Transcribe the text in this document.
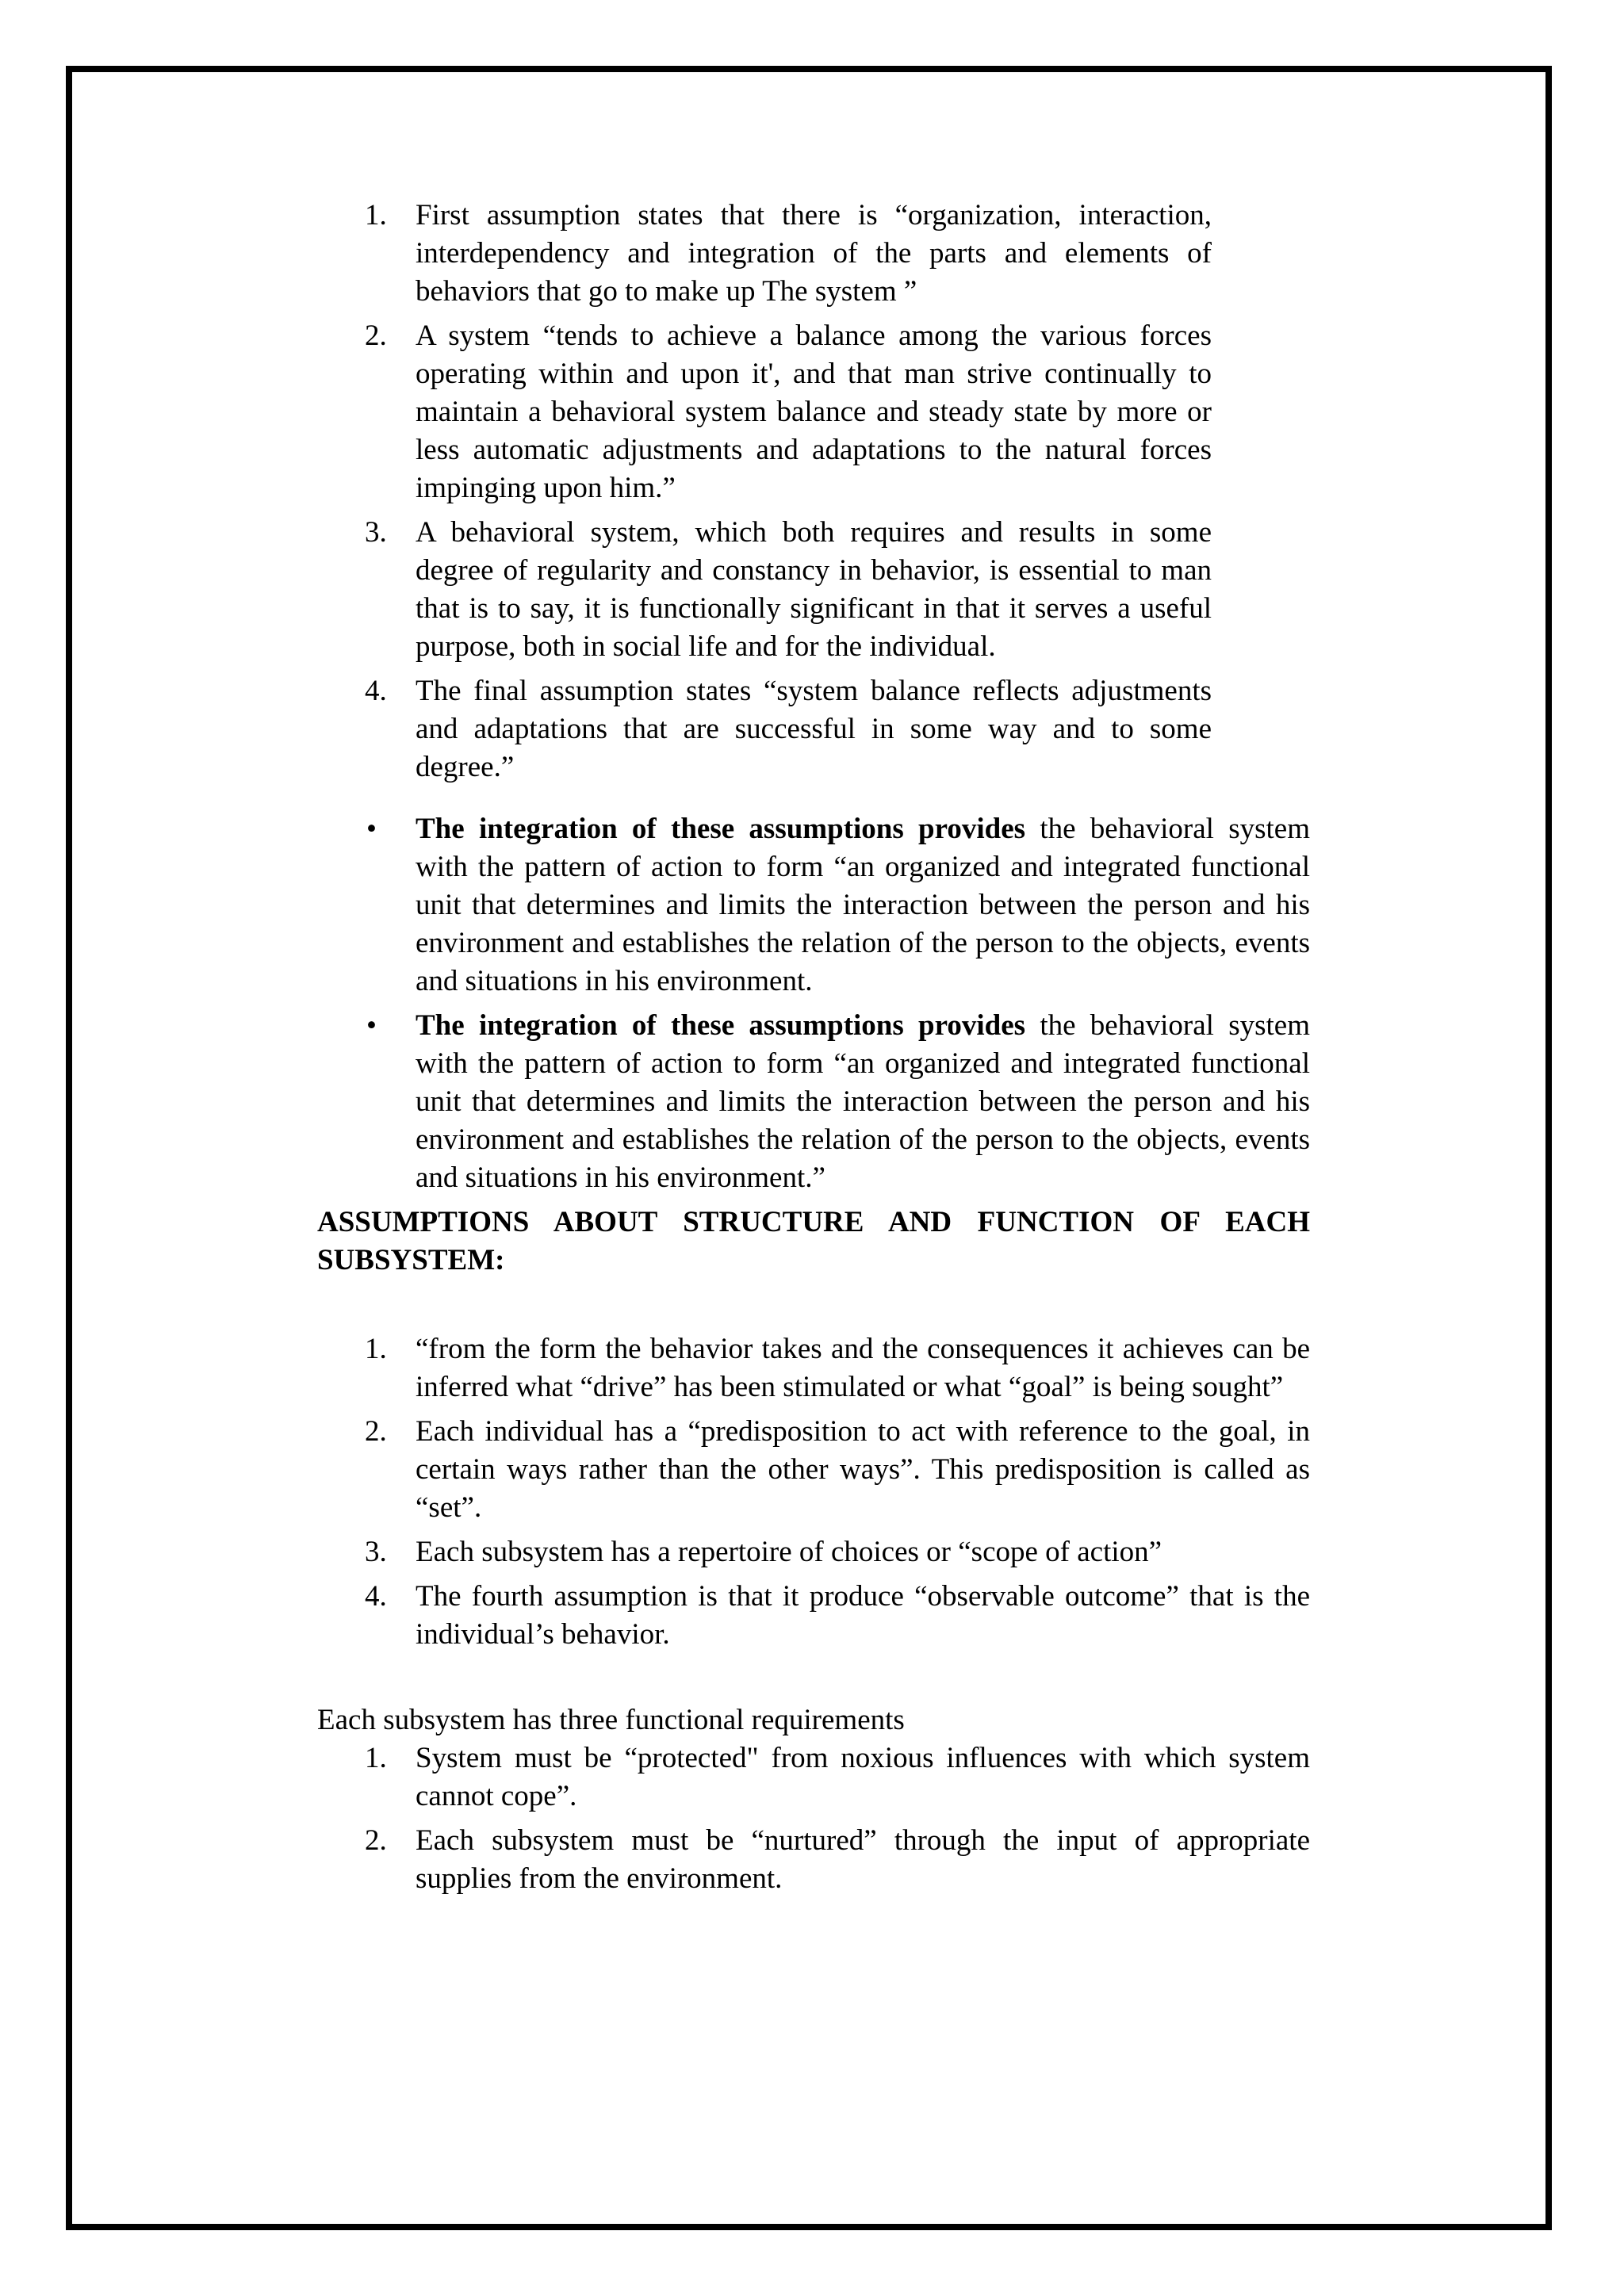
1. First assumption states that there is “organization, interaction, interdependency and integration of the parts and elements of behaviors that go to make up The system ”
2. A system “tends to achieve a balance among the various forces operating within and upon it', and that man strive continually to maintain a behavioral system balance and steady state by more or less automatic adjustments and adaptations to the natural forces impinging upon him.”
3. A behavioral system, which both requires and results in some degree of regularity and constancy in behavior, is essential to man that is to say, it is functionally significant in that it serves a useful purpose, both in social life and for the individual.
4. The final assumption states “system balance reflects adjustments and adaptations that are successful in some way and to some degree.”
• The integration of these assumptions provides the behavioral system with the pattern of action to form “an organized and integrated functional unit that determines and limits the interaction between the person and his environment and establishes the relation of the person to the objects, events and situations in his environment.
• The integration of these assumptions provides the behavioral system with the pattern of action to form “an organized and integrated functional unit that determines and limits the interaction between the person and his environment and establishes the relation of the person to the objects, events and situations in his environment.”

ASSUMPTIONS ABOUT STRUCTURE AND FUNCTION OF EACH SUBSYSTEM:

1. “from the form the behavior takes and the consequences it achieves can be inferred what “drive” has been stimulated or what “goal” is being sought”
2. Each individual has a “predisposition to act with reference to the goal, in certain ways rather than the other ways”. This predisposition is called as “set”.
3. Each subsystem has a repertoire of choices or “scope of action”
4. The fourth assumption is that it produce “observable outcome” that is the individual’s behavior.

Each subsystem has three functional requirements

1. System must be “protected" from noxious influences with which system cannot cope”.
2. Each subsystem must be “nurtured” through the input of appropriate supplies from the environment.
